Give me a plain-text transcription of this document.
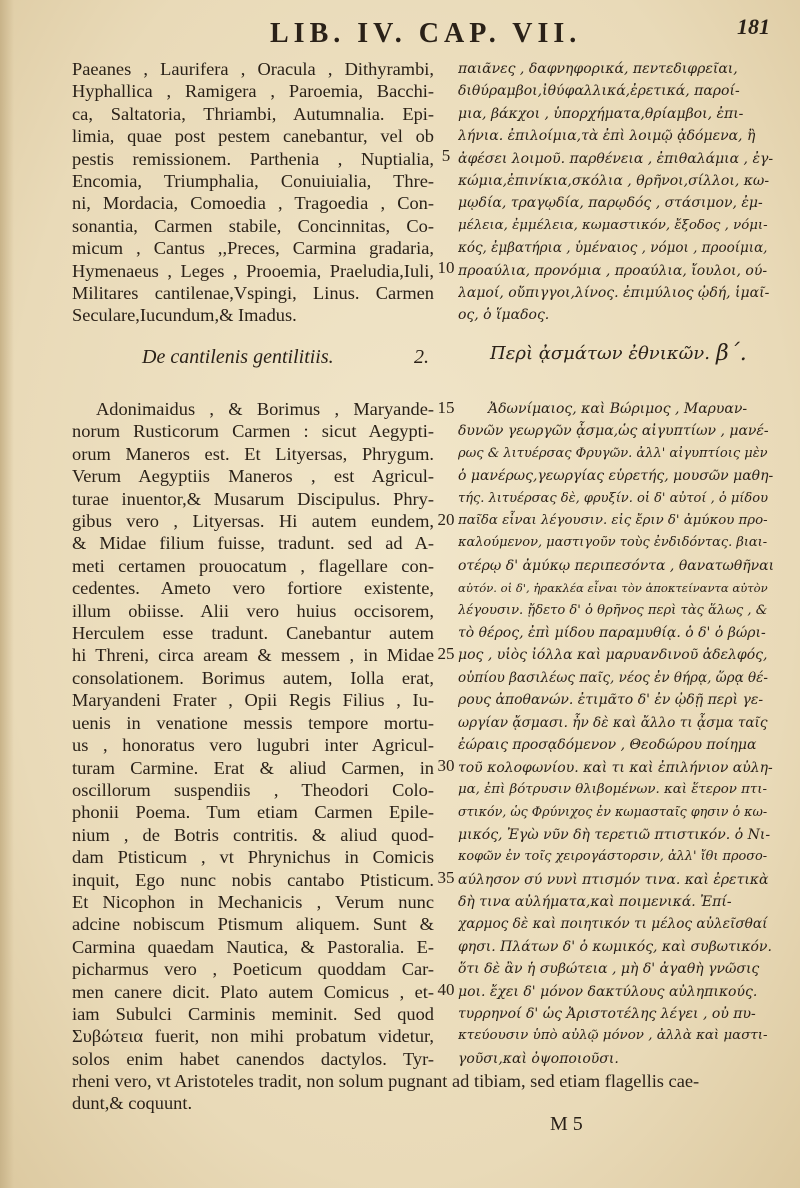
LIB. IV. CAP. VII.	181
Paeanes , Laurifera , Oracula , Dithyrambi,
Hyphallica , Ramigera , Paroemia, Bacchi-
ca, Saltatoria, Thriambi, Autumnalia. Epi-
limia, quae post pestem canebantur, vel ob
pestis remissionem. Parthenia , Nuptialia,
Encomia, Triumphalia, Conuiuialia, Thre-
ni, Mordacia, Comoedia , Tragoedia , Con-
sonantia, Carmen stabile, Concinnitas, Co-
micum , Cantus ,,Preces, Carmina gradaria,
Hymenaeus , Leges , Prooemia, Praeludia,Iuli,
Militares cantilenae,Vspingi, Linus. Carmen
Seculare,Iucundum,& Imadus.
5
10
παιᾶνες , δαφνηφορικά, πεντεδιφρεῖαι,
διθύραμβοι,ἰθύφαλλικά,ἐρετικά, παροί-
μια, βάκχοι , ὑπορχήματα,θρίαμβοι, ἐπι-
λήνια. ἐπιλοίμια,τὰ ἐπὶ λοιμῷ ᾀδόμενα, ἢ
ἀφέσει λοιμοῦ. παρθένεια , ἐπιθαλάμια , ἐγ-
κώμια,ἐπινίκια,σκόλια , θρῆνοι,σίλλοι, κω-
μῳδία, τραγῳδία, παρῳδός , στάσιμον, ἐμ-
μέλεια, ἐμμέλεια, κωμαστικόν, ἔξοδος , νόμι-
κός, ἐμβατήρια , ὑμέναιος , νόμοι , προοίμια,
προαύλια, προνόμια , προαύλια, ἴουλοι, ού-
λαμοί, οὔπιγγοι,λίνος. ἐπιμύλιος ᾠδή, ἱμαῖ-
ος, ὁ ἵμαδος.
De cantilenis gentilitiis.	2.	Περὶ ᾀσμάτων ἐθνικῶν. β´.
Adonimaidus , & Borimus , Maryande-
norum Rusticorum Carmen : sicut Aegypti-
orum Maneros est. Et Lityersas, Phrygum.
Verum Aegyptiis Maneros , est Agricul-
turae inuentor,& Musarum Discipulus. Phry-
gibus vero , Lityersas. Hi autem eundem,
& Midae filium fuisse, tradunt. sed ad A-
meti certamen prouocatum , flagellare con-
cedentes. Ameto vero fortiore existente,
illum obiisse. Alii vero huius occisorem,
Herculem esse tradunt. Canebantur autem
hi Threni, circa aream & messem , in Midae
consolationem. Borimus autem, Iolla erat,
Maryandeni Frater , Opii Regis Filius , Iu-
uenis in venatione messis tempore mortu-
us , honoratus vero lugubri inter Agricul-
turam Carmine. Erat & aliud Carmen, in
oscillorum suspendiis , Theodori Colo-
phonii Poema. Tum etiam Carmen Epile-
nium , de Botris contritis. & aliud quod-
dam Ptisticum , vt Phrynichus in Comicis
inquit, Ego nunc nobis cantabo Ptisticum.
Et Nicophon in Mechanicis , Verum nunc
adcine nobiscum Ptismum aliquem. Sunt &
Carmina quaedam Nautica, & Pastoralia. E-
picharmus vero , Poeticum quoddam Car-
men canere dicit. Plato autem Comicus , et-
iam Subulci Carminis meminit. Sed quod
Συβώτεια fuerit, non mihi probatum videtur,
solos enim habet canendos dactylos. Tyr-
15
20
25
30
35
40
Ἀδωνίμαιος, καὶ Βώριμος , Μαρυαν-
δυνῶν γεωργῶν ᾆσμα,ὡς αἰγυπτίων , μανέ-
ρως & λιτυέρσας Φρυγῶν. ἀλλ' αἰγυπτίοις μὲν
ὁ μανέρως,γεωργίας εὑρετής, μουσῶν μαθη-
τής. λιτυέρσας δὲ, φρυξίν. οἱ δ' αὐτοί , ὁ μίδου
παῖδα εἶναι λέγουσιν. εἰς ἔριν δ' ἀμύκου προ-
καλούμενον, μαστιγοῦν τοὺς ἐνδιδόντας. βιαι-
οτέρῳ δ' ἀμύκῳ περιπεσόντα , θανατωθῆναι
αὐτόν. οἱ δ', ἡρακλέα εἶναι τὸν ἀποκτείναντα αὐτὸν
λέγουσιν. ᾔδετο δ' ὁ θρῆνος περὶ τὰς ἅλως , &
τὸ θέρος, ἐπὶ μίδου παραμυθίᾳ. ὁ δ' ὁ βώρι-
μος , υἱὸς ἰόλλα καὶ μαρυανδινοῦ ἀδελφός,
οὐπίου βασιλέως παῖς, νέος ἐν θήρᾳ, ὥρᾳ θέ-
ρους ἀποθανών. ἐτιμᾶτο δ' ἐν ᾠδῇ περὶ γε-
ωργίαν ᾄσμασι. ἦν δὲ καὶ ἄλλο τι ᾆσμα ταῖς
ἐώραις προσᾳδόμενον , Θεοδώρου ποίημα
τοῦ κολοφωνίου. καὶ τι καὶ ἐπιλήνιον αὐλη-
μα, ἐπὶ βότρυσιν θλιβομένων. καὶ ἕτερον πτι-
στικόν, ὡς Φρύνιχος ἐν κωμασταῖς φησιν ὁ κω-
μικός, Ἐγὼ νῦν δὴ τερετιῶ πτιστικόν. ὁ Νι-
κοφῶν ἐν τοῖς χειρογάστορσιν, ἀλλ' ἴθι προσο-
αύλησον σύ νυνὶ πτισμόν τινα. καὶ ἐρετικὰ
δὴ τινα αὐλήματα,καὶ ποιμενικά. Ἐπί-
χαρμος δὲ καὶ ποιητικόν τι μέλος αὐλεῖσθαί
φησι. Πλάτων δ' ὁ κωμικός, καὶ συβωτικόν.
ὅτι δὲ ἂν ἡ συβώτεια , μὴ δ' ἀγαθὴ γνῶσις
μοι. ἔχει δ' μόνον δακτύλους αὐληπικούς.
τυρρηνοί δ' ὡς Ἀριστοτέλης λέγει , οὐ πυ-
κτεύουσιν ὑπὸ αὐλῷ μόνον , ἀλλὰ καὶ μαστι-
γοῦσι,καὶ ὀψοποιοῦσι.
rheni vero, vt Aristoteles tradit, non solum pugnant ad tibiam, sed etiam flagellis cae-
dunt,& coquunt.
M 5
